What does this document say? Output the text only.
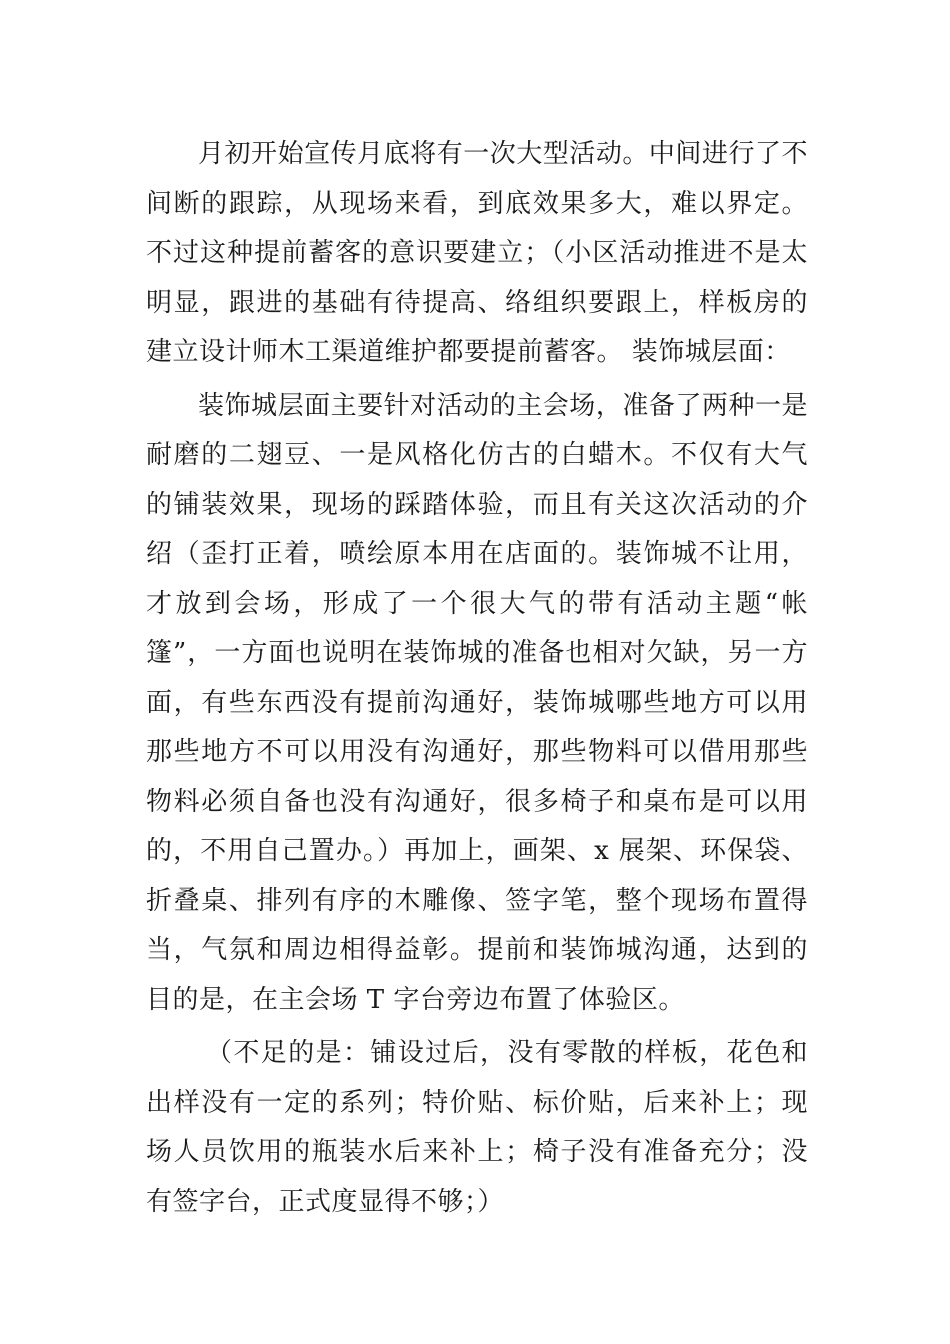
月初开始宣传月底将有一次大型活动。中间进行了不间断的跟踪，从现场来看，到底效果多大，难以界定。不过这种提前蓄客的意识要建立；（小区活动推进不是太明显，跟进的基础有待提高、络组织要跟上，样板房的建立设计师木工渠道维护都要提前蓄客。 装饰城层面：

装饰城层面主要针对活动的主会场，准备了两种一是耐磨的二翅豆、一是风格化仿古的白蜡木。不仅有大气的铺装效果，现场的踩踏体验，而且有关这次活动的介绍（歪打正着，喷绘原本用在店面的。装饰城不让用，才放到会场，形成了一个很大气的带有活动主题“帐篷”，一方面也说明在装饰城的准备也相对欠缺，另一方面，有些东西没有提前沟通好，装饰城哪些地方可以用那些地方不可以用没有沟通好，那些物料可以借用那些物料必须自备也没有沟通好，很多椅子和桌布是可以用的，不用自己置办。）再加上，画架、x 展架、环保袋、折叠桌、排列有序的木雕像、签字笔，整个现场布置得当，气氛和周边相得益彰。提前和装饰城沟通，达到的目的是，在主会场 T 字台旁边布置了体验区。

（不足的是：铺设过后，没有零散的样板，花色和出样没有一定的系列；特价贴、标价贴，后来补上；现场人员饮用的瓶装水后来补上；椅子没有准备充分；没有签字台，正式度显得不够；）
